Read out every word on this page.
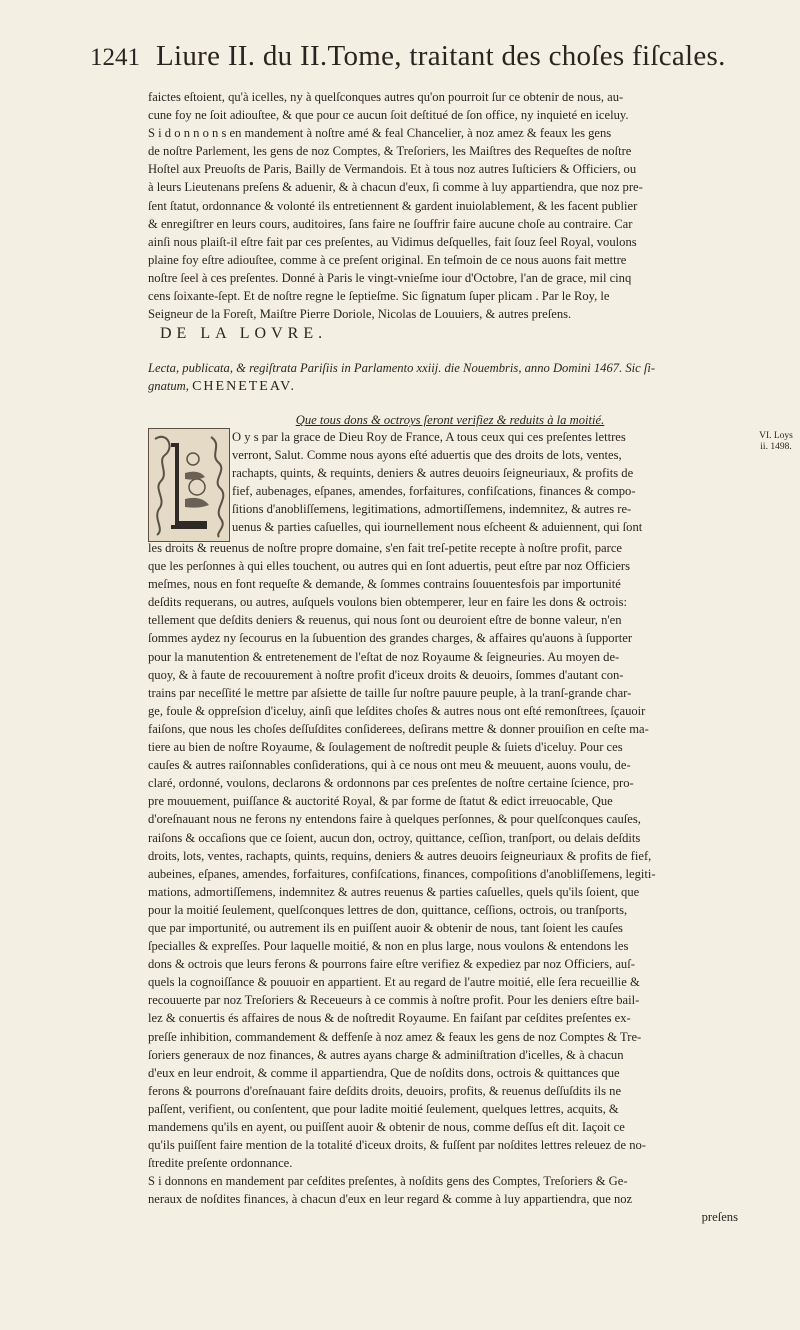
1241 Liure II. du II.Tome, traitant des choſes fiſcales.
faictes eſtoient, qu'à icelles, ny à quelſconques autres qu'on pourroit ſur ce obtenir de nous, au-
cune foy ne ſoit adiouſtee, & que pour ce aucun ſoit deſtitué de ſon office, ny inquieté en iceluy.
S i d o n n o n s en mandement à noſtre amé & feal Chancelier, à noz amez & feaux les gens
de noſtre Parlement, les gens de noz Comptes, & Treſoriers, les Maiſtres des Requeſtes de noſtre
Hoſtel aux Preuoſts de Paris, Bailly de Vermandois. Et à tous noz autres Iuſticiers & Officiers, ou
à leurs Lieutenans preſens & aduenir, & à chacun d'eux, ſi comme à luy appartiendra, que noz pre-
ſent ſtatut, ordonnance & volonté ils entretiennent & gardent inuiolablement, & les facent publier
& enregiſtrer en leurs cours, auditoires, ſans faire ne ſouffrir faire aucune choſe au contraire. Car
ainſi nous plaiſt-il eſtre fait par ces preſentes, au Vidimus deſquelles, fait ſouz ſeel Royal, voulons
plaine foy eſtre adiouſtee, comme à ce preſent original. En teſmoin de ce nous auons fait mettre
noſtre ſeel à ces preſentes. Donné à Paris le vingt-vnieſme iour d'Octobre, l'an de grace, mil cinq
cens ſoixante-ſept. Et de noſtre regne le ſeptieſme. Sic ſignatum ſuper plicam . Par le Roy, le
Seigneur de la Foreſt, Maiſtre Pierre Doriole, Nicolas de Louuiers, & autres preſens.
DE LA LOVRE.
Lecta, publicata, & regiſtrata Pariſiis in Parlamento xxiij. die Nouembris, anno Domini 1467. Sic ſi-
gnatum, CHENETEAV.
Que tous dons & octroys ſeront verifiez & reduits à la moitié.
O y s par la grace de Dieu Roy de France, A tous ceux qui ces preſentes lettres
verront, Salut. Comme nous ayons eſté aduertis que des droits de lots, ventes,
rachapts, quints, & requints, deniers & autres deuoirs ſeigneuriaux, & profits de
fief, aubenages, eſpanes, amendes, forfaitures, confiſcations, finances & compo-
ſitions d'anobliſſemens, legitimations, admortiſſemens, indemnitez, & autres re-
uenus & parties caſuelles, qui iournellement nous eſcheent & aduiennent, qui ſont
VI. Loys ii. 1498.
les droits & reuenus de noſtre propre domaine, s'en fait treſ-petite recepte à noſtre profit, parce
que les perſonnes à qui elles touchent, ou autres qui en ſont aduertis, peut eſtre par noz Officiers
meſmes, nous en font requeſte & demande, & ſommes contrains ſouuentesfois par importunité
deſdits requerans, ou autres, auſquels voulons bien obtemperer, leur en faire les dons & octrois:
tellement que deſdits deniers & reuenus, qui nous ſont ou deuroient eſtre de bonne valeur, n'en
ſommes aydez ny ſecourus en la ſubuention des grandes charges, & affaires qu'auons à ſupporter
pour la manutention & entretenement de l'eſtat de noz Royaume & ſeigneuries. Au moyen de-
quoy, & à faute de recouurement à noſtre profit d'iceux droits & deuoirs, ſommes d'autant con-
trains par neceſſité le mettre par aſsiette de taille ſur noſtre pauure peuple, à la tranſ-grande char-
ge, foule & oppreſsion d'iceluy, ainſi que leſdites choſes & autres nous ont eſté remonſtrees, ſçauoir
faiſons, que nous les choſes deſſuſdites conſiderees, deſirans mettre & donner prouiſion en ceſte ma-
tiere au bien de noſtre Royaume, & ſoulagement de noſtredit peuple & ſuiets d'iceluy. Pour ces
cauſes & autres raiſonnables conſiderations, qui à ce nous ont meu & meuuent, auons voulu, de-
claré, ordonné, voulons, declarons & ordonnons par ces preſentes de noſtre certaine ſcience, pro-
pre mouuement, puiſſance & auctorité Royal, & par forme de ſtatut & edict irreuocable, Que
d'oreſnauant nous ne ferons ny entendons faire à quelques perſonnes, & pour quelſconques cauſes,
raiſons & occaſions que ce ſoient, aucun don, octroy, quittance, ceſſion, tranſport, ou delais deſdits
droits, lots, ventes, rachapts, quints, requins, deniers & autres deuoirs ſeigneuriaux & profits de fief,
aubeines, eſpanes, amendes, forfaitures, confiſcations, finances, compoſitions d'anobliſſemens, legiti-
mations, admortiſſemens, indemnitez & autres reuenus & parties caſuelles, quels qu'ils ſoient, que
pour la moitié ſeulement, quelſconques lettres de don, quittance, ceſſions, octrois, ou tranſports,
que par importunité, ou autrement ils en puiſſent auoir & obtenir de nous, tant ſoient les cauſes
ſpecialles & expreſſes. Pour laquelle moitié, & non en plus large, nous voulons & entendons les
dons & octrois que leurs ferons & pourrons faire eſtre verifiez & expediez par noz Officiers, auſ-
quels la cognoiſſance & pouuoir en appartient. Et au regard de l'autre moitié, elle ſera recueillie &
recouuerte par noz Treſoriers & Receueurs à ce commis à noſtre profit. Pour les deniers eſtre bail-
lez & conuertis és affaires de nous & de noſtredit Royaume. En faiſant par ceſdites preſentes ex-
preſſe inhibition, commandement & deffenſe à noz amez & feaux les gens de noz Comptes & Tre-
ſoriers generaux de noz finances, & autres ayans charge & adminiſtration d'icelles, & à chacun
d'eux en leur endroit, & comme il appartiendra, Que de noſdits dons, octrois & quittances que
ferons & pourrons d'oreſnauant faire deſdits droits, deuoirs, profits, & reuenus deſſuſdits ils ne
paſſent, verifient, ou conſentent, que pour ladite moitié ſeulement, quelques lettres, acquits, &
mandemens qu'ils en ayent, ou puiſſent auoir & obtenir de nous, comme deſſus eſt dit. Iaçoit ce
qu'ils puiſſent faire mention de la totalité d'iceux droits, & fuſſent par noſdites lettres releuez de no-
ſtredite preſente ordonnance.
S i donnons en mandement par ceſdites preſentes, à noſdits gens des Comptes, Treſoriers & Ge-
neraux de noſdites finances, à chacun d'eux en leur regard & comme à luy appartiendra, que noz
preſens
